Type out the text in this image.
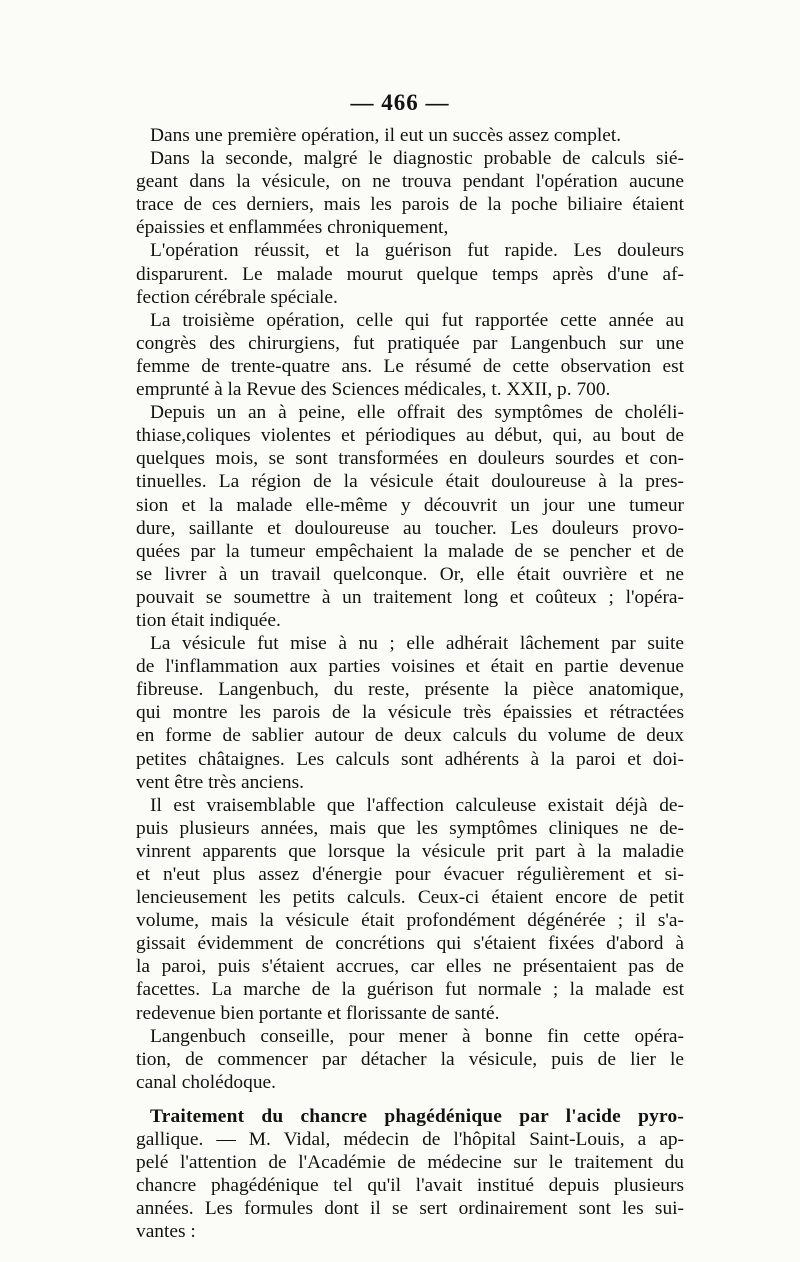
— 466 —
Dans une première opération, il eut un succès assez complet.
Dans la seconde, malgré le diagnostic probable de calculs sié-
geant dans la vésicule, on ne trouva pendant l'opération aucune
trace de ces derniers, mais les parois de la poche biliaire étaient
épaissies et enflammées chroniquement,
L'opération réussit, et la guérison fut rapide. Les douleurs
disparurent. Le malade mourut quelque temps après d'une af-
fection cérébrale spéciale.
La troisième opération, celle qui fut rapportée cette année au
congrès des chirurgiens, fut pratiquée par Langenbuch sur une
femme de trente-quatre ans. Le résumé de cette observation est
emprunté à la Revue des Sciences médicales, t. XXII, p. 700.
Depuis un an à peine, elle offrait des symptômes de choléli-
thiase,coliques violentes et périodiques au début, qui, au bout de
quelques mois, se sont transformées en douleurs sourdes et con-
tinuelles. La région de la vésicule était douloureuse à la pres-
sion et la malade elle-même y découvrit un jour une tumeur
dure, saillante et douloureuse au toucher. Les douleurs provo-
quées par la tumeur empêchaient la malade de se pencher et de
se livrer à un travail quelconque. Or, elle était ouvrière et ne
pouvait se soumettre à un traitement long et coûteux ; l'opéra-
tion était indiquée.
La vésicule fut mise à nu ; elle adhérait lâchement par suite
de l'inflammation aux parties voisines et était en partie devenue
fibreuse. Langenbuch, du reste, présente la pièce anatomique,
qui montre les parois de la vésicule très épaissies et rétractées
en forme de sablier autour de deux calculs du volume de deux
petites châtaignes. Les calculs sont adhérents à la paroi et doi-
vent être très anciens.
Il est vraisemblable que l'affection calculeuse existait déjà de-
puis plusieurs années, mais que les symptômes cliniques ne de-
vinrent apparents que lorsque la vésicule prit part à la maladie
et n'eut plus assez d'énergie pour évacuer régulièrement et si-
lencieusement les petits calculs. Ceux-ci étaient encore de petit
volume, mais la vésicule était profondément dégénérée ; il s'a-
gissait évidemment de concrétions qui s'étaient fixées d'abord à
la paroi, puis s'étaient accrues, car elles ne présentaient pas de
facettes. La marche de la guérison fut normale ; la malade est
redevenue bien portante et florissante de santé.
Langenbuch conseille, pour mener à bonne fin cette opéra-
tion, de commencer par détacher la vésicule, puis de lier le
canal cholédoque.
Traitement du chancre phagédénique par l'acide pyro-
gallique. — M. Vidal, médecin de l'hôpital Saint-Louis, a ap-
pelé l'attention de l'Académie de médecine sur le traitement du
chancre phagédénique tel qu'il l'avait institué depuis plusieurs
années. Les formules dont il se sert ordinairement sont les sui-
vantes :
